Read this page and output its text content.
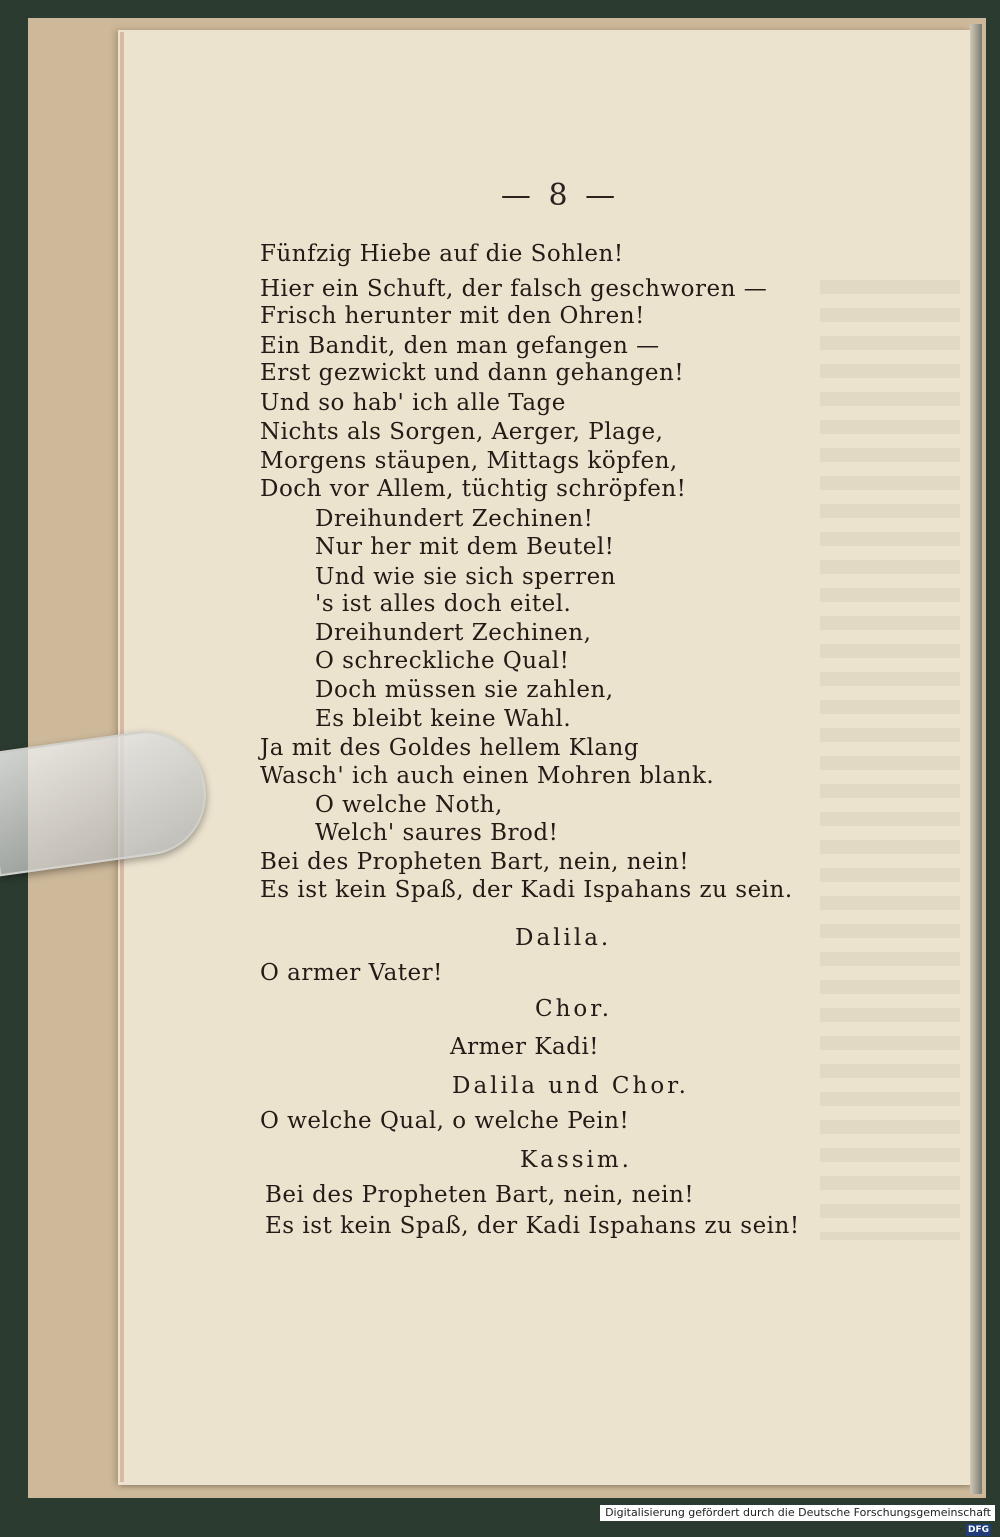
— 8 —
Fünfzig Hiebe auf die Sohlen!
Hier ein Schuft, der falsch geschworen —
Frisch herunter mit den Ohren!
Ein Bandit, den man gefangen —
Erst gezwickt und dann gehangen!
Und so hab' ich alle Tage
Nichts als Sorgen, Aerger, Plage,
Morgens stäupen, Mittags köpfen,
Doch vor Allem, tüchtig schröpfen!
Dreihundert Zechinen!
Nur her mit dem Beutel!
Und wie sie sich sperren
's ist alles doch eitel.
Dreihundert Zechinen,
O schreckliche Qual!
Doch müssen sie zahlen,
Es bleibt keine Wahl.
Ja mit des Goldes hellem Klang
Wasch' ich auch einen Mohren blank.
O welche Noth,
Welch' saures Brod!
Bei des Propheten Bart, nein, nein!
Es ist kein Spaß, der Kadi Ispahans zu sein.
Dalila.
O armer Vater!
Chor.
Armer Kadi!
Dalila und Chor.
O welche Qual, o welche Pein!
Kassim.
Bei des Propheten Bart, nein, nein!
Es ist kein Spaß, der Kadi Ispahans zu sein!
Digitalisierung gefördert durch die Deutsche Forschungsgemeinschaft - DFG
